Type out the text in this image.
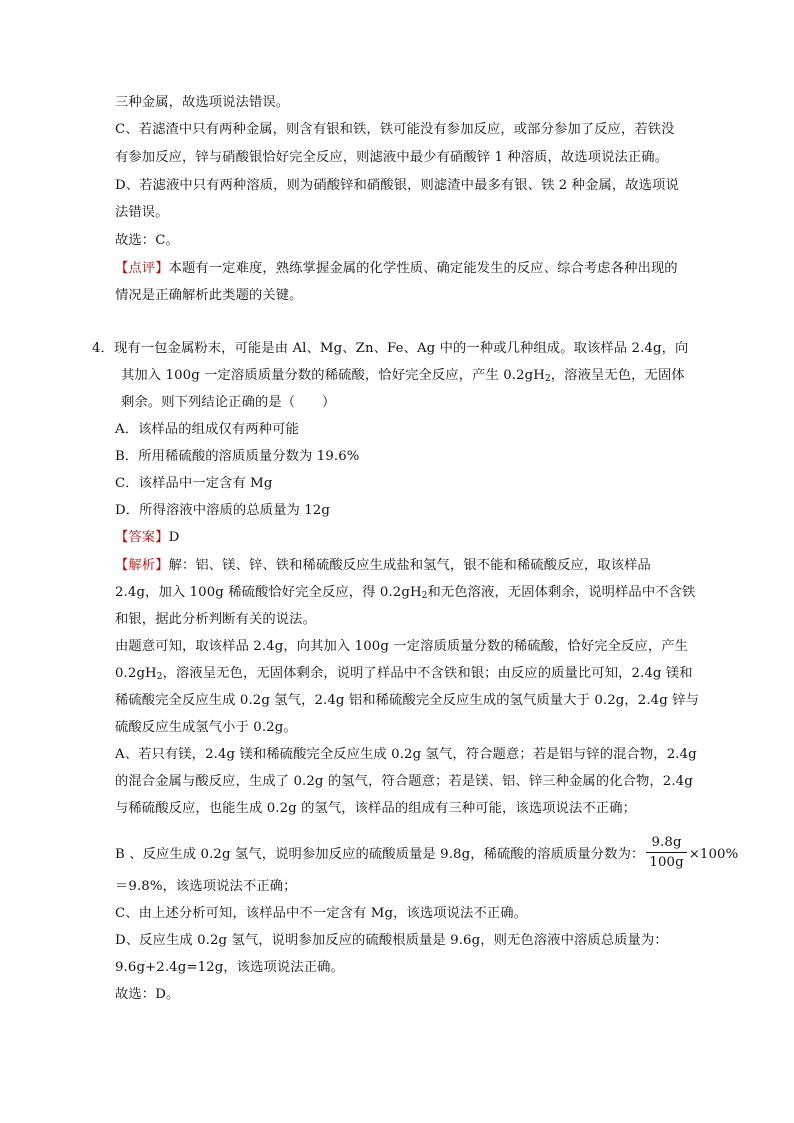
三种金属，故选项说法错误。
C、若滤渣中只有两种金属，则含有银和铁，铁可能没有参加反应，或部分参加了反应，若铁没
有参加反应，锌与硝酸银恰好完全反应，则滤液中最少有硝酸锌 1 种溶质，故选项说法正确。
D、若滤液中只有两种溶质，则为硝酸锌和硝酸银，则滤渣中最多有银、铁 2 种金属，故选项说
法错误。
故选：C。
【点评】本题有一定难度，熟练掌握金属的化学性质、确定能发生的反应、综合考虑各种出现的
情况是正确解析此类题的关键。
4．现有一包金属粉末，可能是由 Al、Mg、Zn、Fe、Ag 中的一种或几种组成。取该样品 2.4g，向
其加入 100g 一定溶质质量分数的稀硫酸，恰好完全反应，产生 $0.2gH_2$，溶液呈无色，无固体
剩余。则下列结论正确的是（　　）
A．该样品的组成仅有两种可能
B．所用稀硫酸的溶质质量分数为 19.6%
C．该样品中一定含有 Mg
D．所得溶液中溶质的总质量为 12g
【答案】D
【解析】解：铝、镁、锌、铁和稀硫酸反应生成盐和氢气，银不能和稀硫酸反应，取该样品
2.4g，加入 100g 稀硫酸恰好完全反应，得 $0.2gH_2$和无色溶液，无固体剩余，说明样品中不含铁
和银，据此分析判断有关的说法。
由题意可知，取该样品 2.4g，向其加入 100g 一定溶质质量分数的稀硫酸，恰好完全反应，产生
$0.2gH_2$，溶液呈无色，无固体剩余，说明了样品中不含铁和银；由反应的质量比可知，2.4g 镁和
稀硫酸完全反应生成 0.2g 氢气，2.4g 铝和稀硫酸完全反应生成的氢气质量大于 0.2g，2.4g 锌与
硫酸反应生成氢气小于 0.2g。
A、若只有镁，2.4g 镁和稀硫酸完全反应生成 0.2g 氢气，符合题意；若是铝与锌的混合物，2.4g
的混合金属与酸反应，生成了 0.2g 的氢气，符合题意；若是镁、铝、锌三种金属的化合物，2.4g
与稀硫酸反应，也能生成 0.2g 的氢气，该样品的组成有三种可能，该选项说法不正确；
B 、反应生成 0.2g 氢气，说明参加反应的硫酸质量是 9.8g，稀硫酸的溶质质量分数为： $\frac{9.8g}{100g} \times 100\%$
＝9.8%，该选项说法不正确；
C、由上述分析可知，该样品中不一定含有 Mg，该选项说法不正确。
D、反应生成 0.2g 氢气，说明参加反应的硫酸根质量是 9.6g，则无色溶液中溶质总质量为：
9.6g+2.4g=12g，该选项说法正确。
故选：D。
